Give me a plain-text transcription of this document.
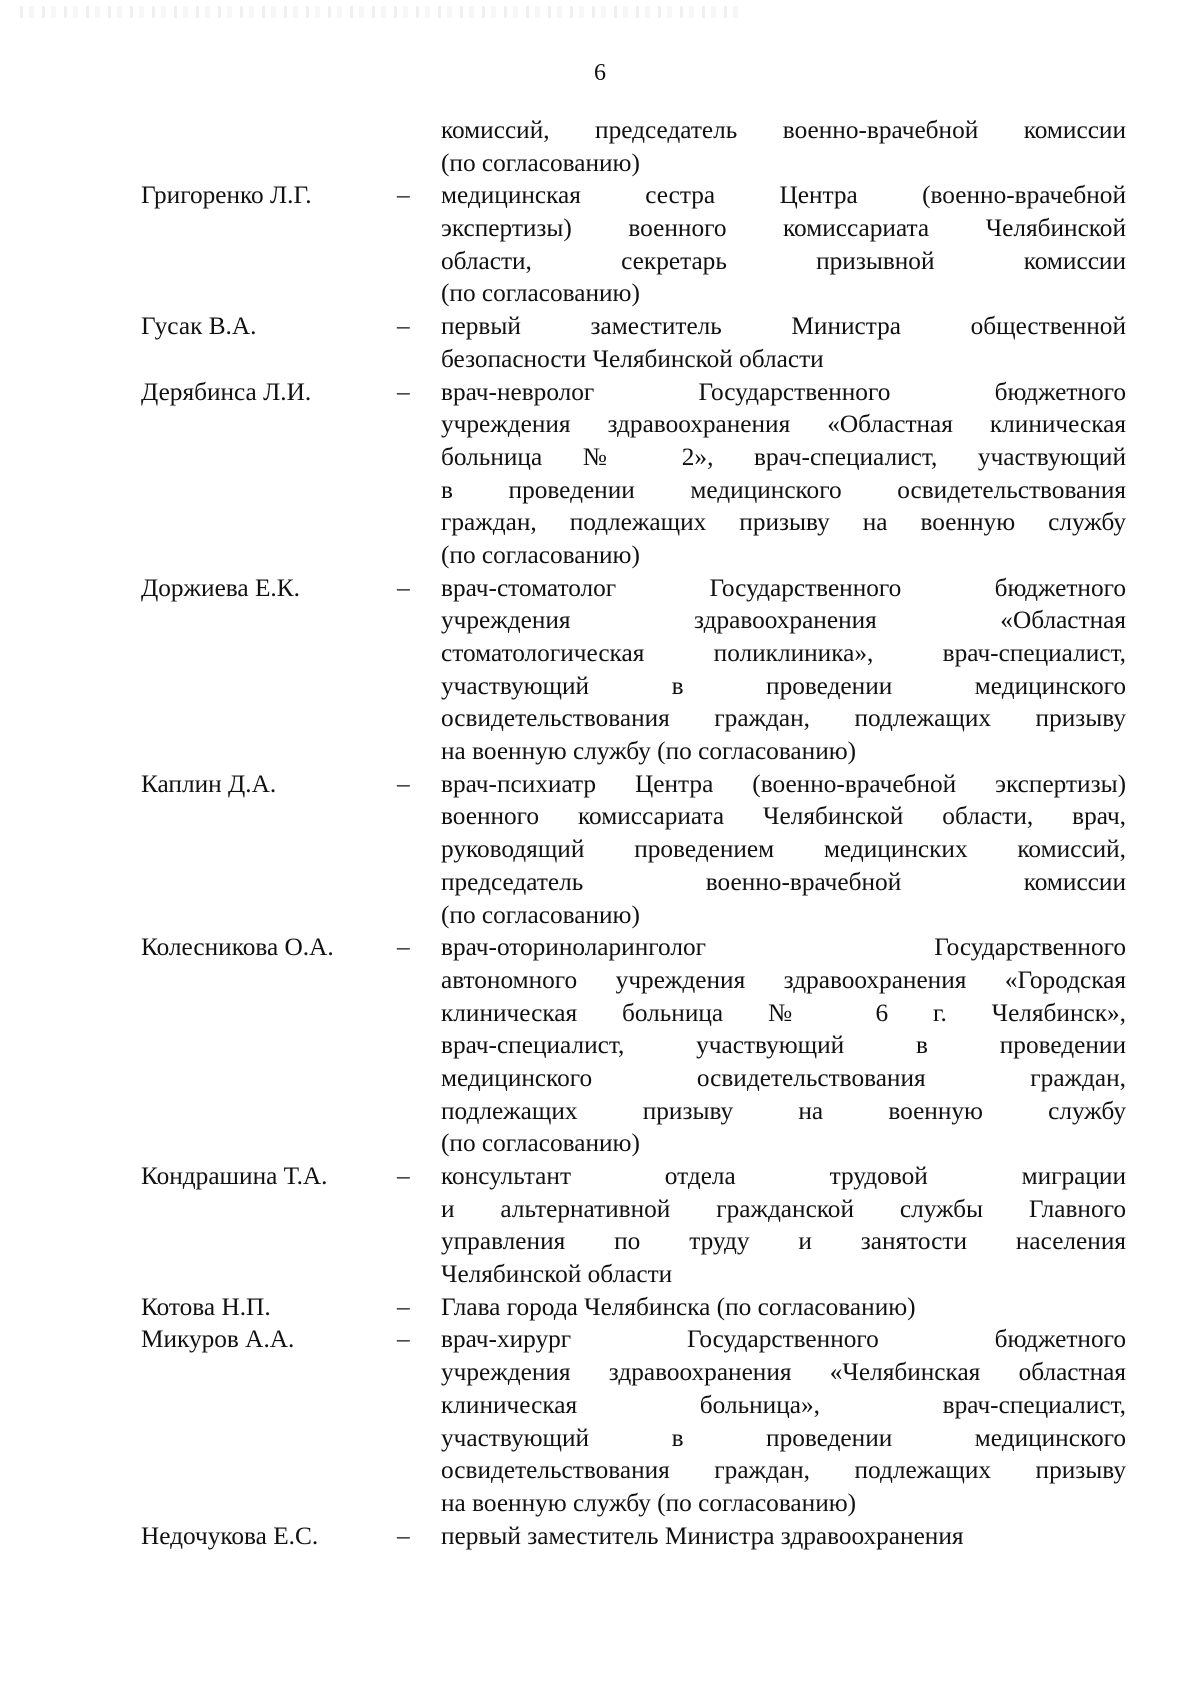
6
комиссий, председатель военно-врачебной комиссии
(по согласованию)
Григоренко Л.Г.	–	медицинская сестра Центра (военно-врачебной
экспертизы) военного комиссариата Челябинской
области, секретарь призывной комиссии
(по согласованию)
Гусак В.А.	–	первый заместитель Министра общественной
безопасности Челябинской области
Дерябинса Л.И.	–	врач-невролог Государственного бюджетного
учреждения здравоохранения «Областная клиническая
больница № 2», врач-специалист, участвующий
в проведении медицинского освидетельствования
граждан, подлежащих призыву на военную службу
(по согласованию)
Доржиева Е.К.	–	врач-стоматолог Государственного бюджетного
учреждения здравоохранения «Областная
стоматологическая поликлиника», врач-специалист,
участвующий в проведении медицинского
освидетельствования граждан, подлежащих призыву
на военную службу (по согласованию)
Каплин Д.А.	–	врач-психиатр Центра (военно-врачебной экспертизы)
военного комиссариата Челябинской области, врач,
руководящий проведением медицинских комиссий,
председатель военно-врачебной комиссии
(по согласованию)
Колесникова О.А.	–	врач-оториноларинголог Государственного
автономного учреждения здравоохранения «Городская
клиническая больница № 6 г. Челябинск»,
врач-специалист, участвующий в проведении
медицинского освидетельствования граждан,
подлежащих призыву на военную службу
(по согласованию)
Кондрашина Т.А.	–	консультант отдела трудовой миграции
и альтернативной гражданской службы Главного
управления по труду и занятости населения
Челябинской области
Котова Н.П.	–	Глава города Челябинска (по согласованию)
Микуров А.А.	–	врач-хирург Государственного бюджетного
учреждения здравоохранения «Челябинская областная
клиническая больница», врач-специалист,
участвующий в проведении медицинского
освидетельствования граждан, подлежащих призыву
на военную службу (по согласованию)
Недочукова Е.С.	–	первый заместитель Министра здравоохранения
